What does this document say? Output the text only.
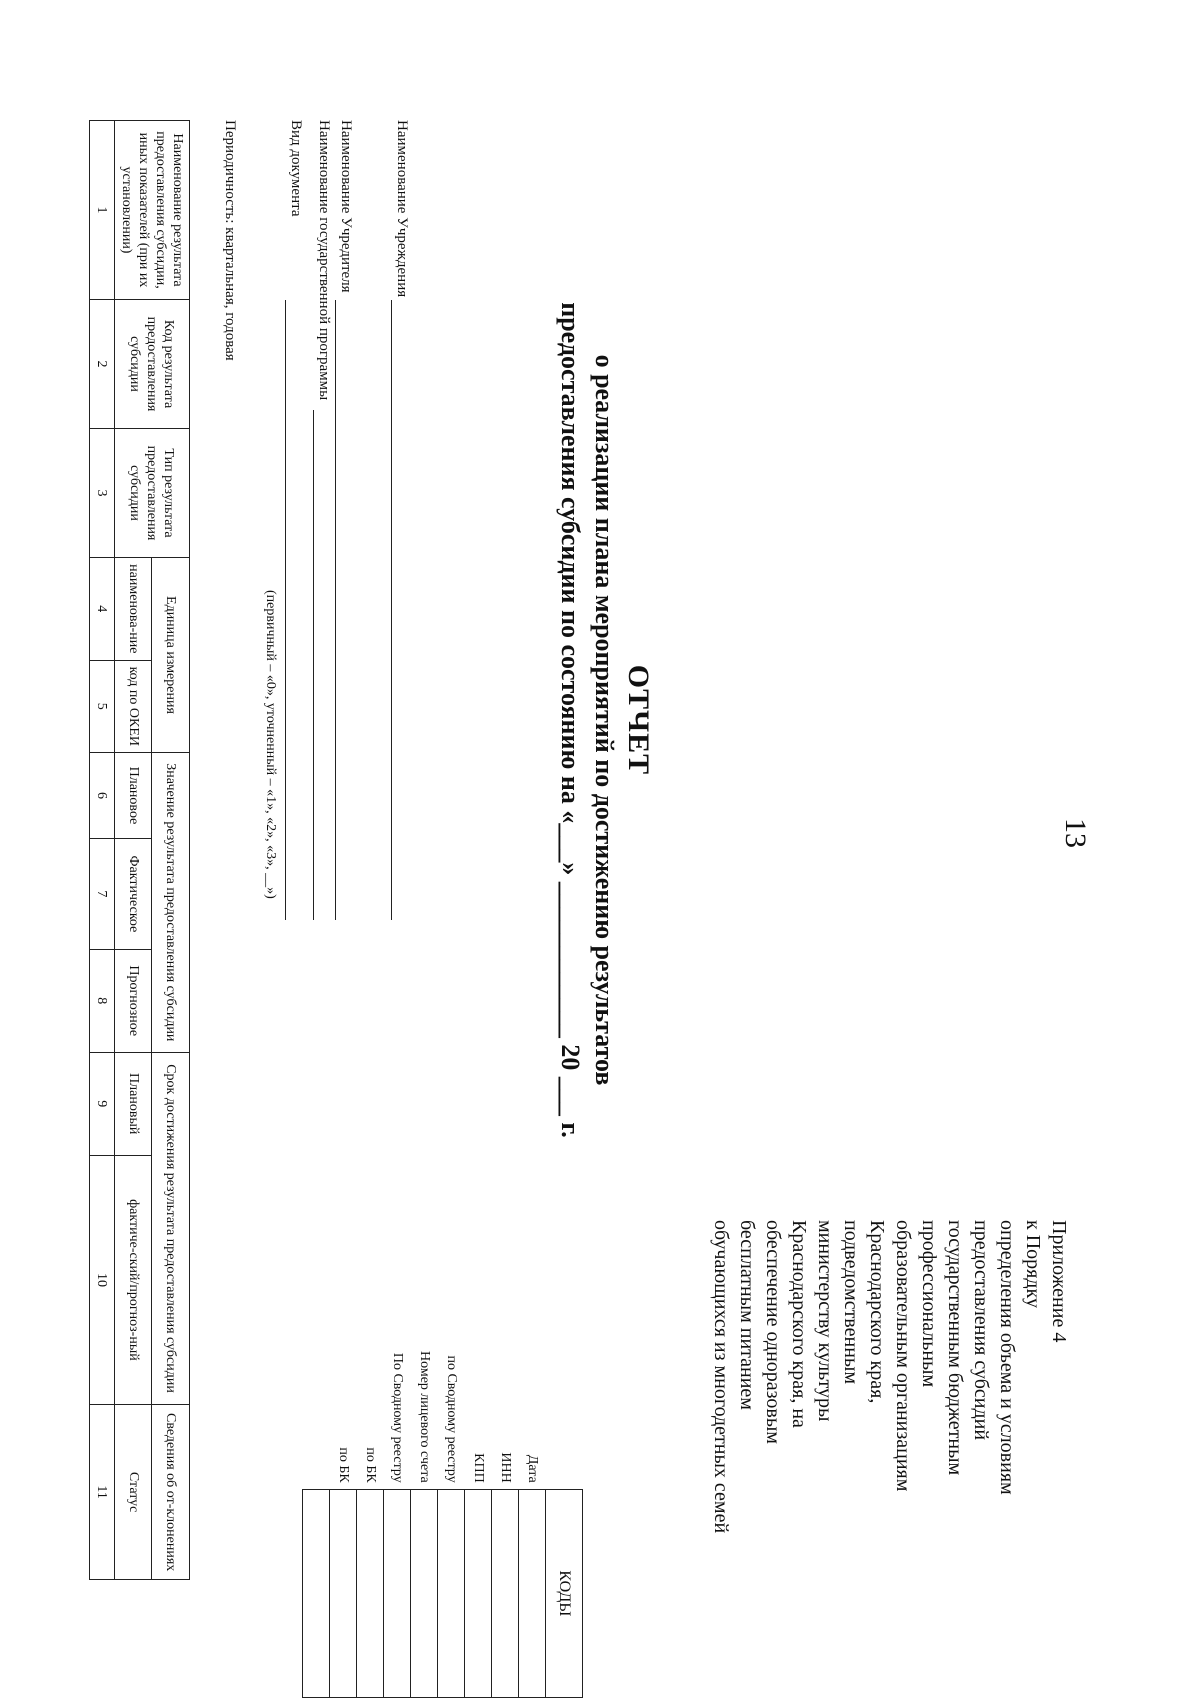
13
Приложение 4
к Порядку
определения объема и условиям
предоставления субсидий
государственным бюджетным
профессиональным
образовательным организациям
Краснодарского края,
подведомственным
министерству культуры
Краснодарского края, на
обеспечение одноразовым
бесплатным питанием
обучающихся из многодетных семей
ОТЧЕТ
о реализации плана мероприятий по достижению результатов
предоставления субсидии по состоянию на «___» ____________ 20 ___ г.
Наименование Учреждения
Наименование Учредителя
Наименование государственной программы
Вид документа
(первичный – «0», уточненный – «1», «2», «3», __»)
Периодичность: квартальная, годовая
	КОДЫ
Дата	
ИНН	
КПП	
по Сводному реестру	
Номер лицевого счета	
По Сводному реестру	
по БК	
по БК	

Наименование результата предоставления субсидии, иных показателей (при их установлении)	Код результата предоставления субсидии	Тип результата предоставления субсидии	Единица измерения		Значение результата предоставления субсидии			Срок достижения результата предоставления субсидии		Сведения об от-клонениях
			наименова-ние	код по ОКЕИ	Плановое	Фактическое	Прогнозное	Плановый	фактиче-ский/прогноз-ный	Статус
1	2	3	4	5	6	7	8	9	10	11
